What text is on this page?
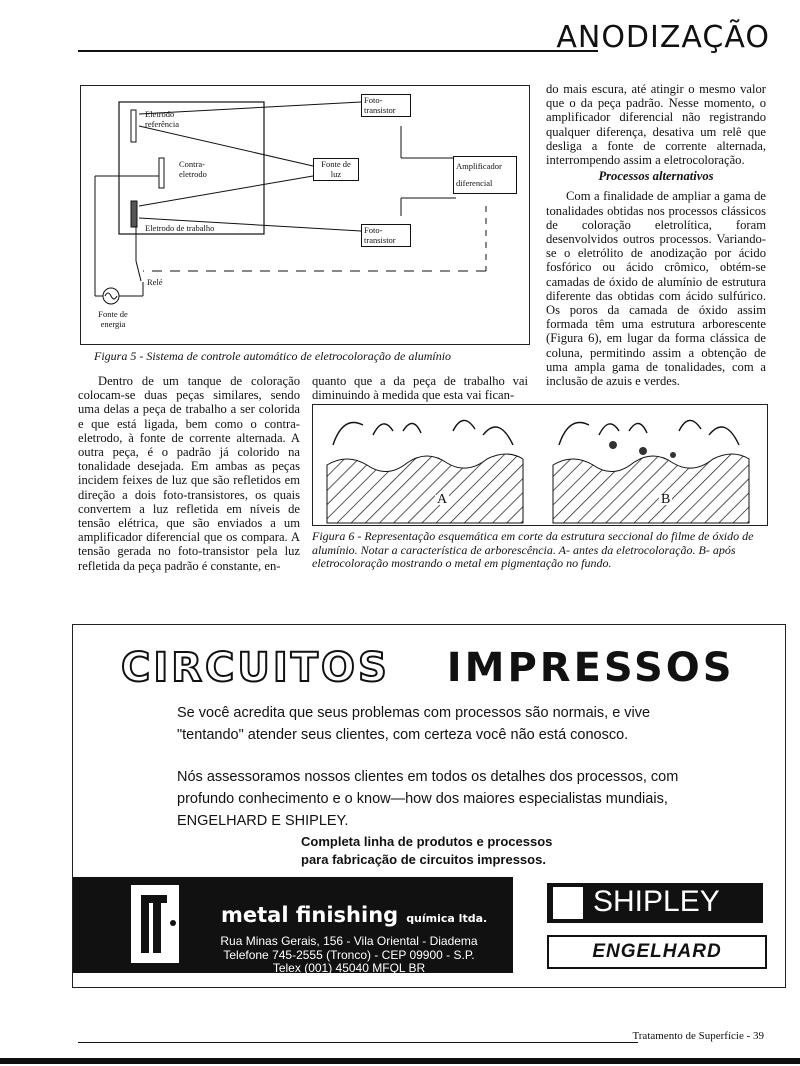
ANODIZAÇÃO
Eletrodo referência
Contra-eletrodo
Eletrodo de trabalho
Foto-transistor
Fonte de luz
Amplificador diferencial
Foto-transistor
Relé
Fonte de energia
Figura 5 - Sistema de controle automático de eletrocoloração de alumínio

Dentro de um tanque de coloração colocam-se duas peças similares, sendo uma delas a peça de trabalho a ser colorida e que está ligada, bem como o contra-eletrodo, à fonte de corrente alternada. A outra peça, é o padrão já colorido na tonalidade desejada. Em ambas as peças incidem feixes de luz que são refletidos em direção a dois foto-transistores, os quais convertem a luz refletida em níveis de tensão elétrica, que são enviados a um amplificador diferencial que os compara. A tensão gerada no foto-transistor pela luz refletida da peça padrão é constante, en-

quanto que a da peça de trabalho vai diminuindo à medida que esta vai fican-

do mais escura, até atingir o mesmo valor que o da peça padrão. Nesse momento, o amplificador diferencial não registrando qualquer diferença, desativa um relê que desliga a fonte de corrente alternada, interrompendo assim a eletrocoloração.

Processos alternativos

Com a finalidade de ampliar a gama de tonalidades obtidas nos processos clássicos de coloração eletrolítica, foram desenvolvidos outros processos. Variando-se o eletrólito de anodização por ácido fosfórico ou ácido crômico, obtém-se camadas de óxido de alumínio de estrutura diferente das obtidas com ácido sulfúrico. Os poros da camada de óxido assim formada têm uma estrutura arborescente (Figura 6), em lugar da forma clássica de coluna, permitindo assim a obtenção de uma ampla gama de tonalidades, com a inclusão de azuis e verdes.

A	B
Figura 6 - Representação esquemática em corte da estrutura seccional do filme de óxido de alumínio. Notar a característica de arborescência. A- antes da eletrocoloração. B- após eletrocoloração mostrando o metal em pigmentação no fundo.
CIRCUITOS IMPRESSOS
Se você acredita que seus problemas com processos são normais, e vive
"tentando" atender seus clientes, com certeza você não está conosco.
Nós assessoramos nossos clientes em todos os detalhes dos processos, com
profundo conhecimento e o know—how dos maiores especialistas mundiais,
ENGELHARD E SHIPLEY.
Completa linha de produtos e processos
para fabricação de circuitos impressos.
metal finishing química ltda.
Rua Minas Gerais, 156 - Vila Oriental - Diadema
Telefone 745-2555 (Tronco) - CEP 09900 - S.P.
Telex (001) 45040 MFQL BR
SHIPLEY
ENGELHARD
Tratamento de Superfície - 39
